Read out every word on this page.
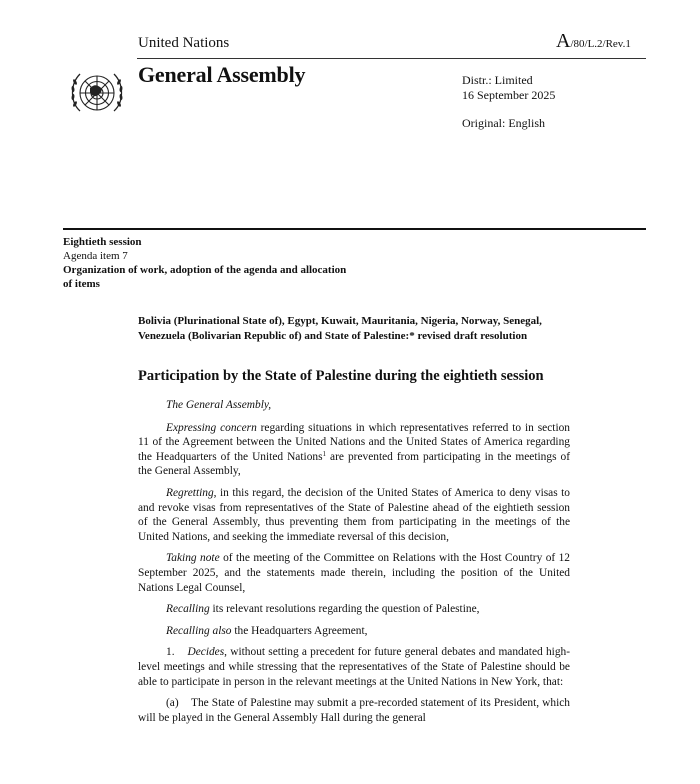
United Nations	A/80/L.2/Rev.1
General Assembly	Distr.: Limited
16 September 2025
Original: English
Eightieth session
Agenda item 7
Organization of work, adoption of the agenda and allocation
of items
Bolivia (Plurinational State of), Egypt, Kuwait, Mauritania, Nigeria, Norway, Senegal, Venezuela (Bolivarian Republic of) and State of Palestine:* revised draft resolution
Participation by the State of Palestine during the eightieth session

The General Assembly,

Expressing concern regarding situations in which representatives referred to in section 11 of the Agreement between the United Nations and the United States of America regarding the Headquarters of the United Nations$^1$ are prevented from participating in the meetings of the General Assembly,

Regretting, in this regard, the decision of the United States of America to deny visas to and revoke visas from representatives of the State of Palestine ahead of the eightieth session of the General Assembly, thus preventing them from participating in the meetings of the United Nations, and seeking the immediate reversal of this decision,

Taking note of the meeting of the Committee on Relations with the Host Country of 12 September 2025, and the statements made therein, including the position of the United Nations Legal Counsel,

Recalling its relevant resolutions regarding the question of Palestine,

Recalling also the Headquarters Agreement,

1. Decides, without setting a precedent for future general debates and mandated high-level meetings and while stressing that the representatives of the State of Palestine should be able to participate in person in the relevant meetings at the United Nations in New York, that:

(a) The State of Palestine may submit a pre-recorded statement of its President, which will be played in the General Assembly Hall during the general
